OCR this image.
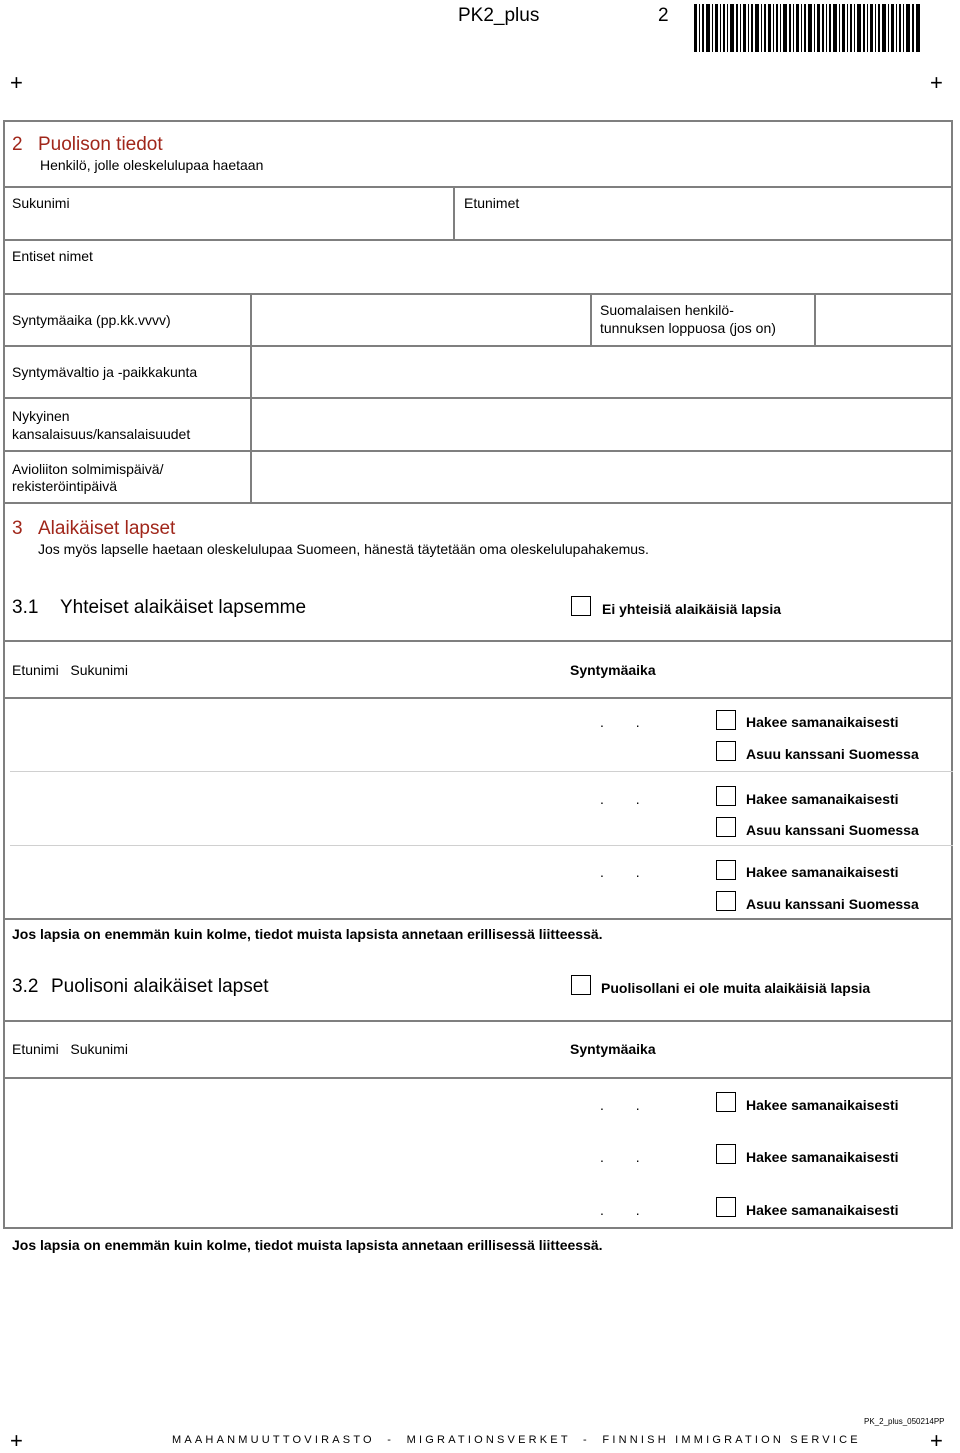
PK2_plus	2
+	+
+	+
2 Puolison tiedot
Henkilö, jolle oleskelulupaa haetaan
Sukunimi	Etunimet
Entiset nimet
Syntymäaika (pp.kk.vvvv)
Suomalaisen henkilö-
tunnuksen loppuosa (jos on)
Syntymävaltio ja -paikkakunta
Nykyinen
kansalaisuus/kansalaisuudet
Avioliiton solmimispäivä/
rekisteröintipäivä
3 Alaikäiset lapset
Jos myös lapselle haetaan oleskelulupaa Suomeen, hänestä täytetään oma oleskelulupahakemus.
3.1 Yhteiset alaikäiset lapsemme	Ei yhteisiä alaikäisiä lapsia
Etunimi   Sukunimi	Syntymäaika
. .	Hakee samanaikaisesti
Asuu kanssani Suomessa
. .	Hakee samanaikaisesti
Asuu kanssani Suomessa
. .	Hakee samanaikaisesti
Asuu kanssani Suomessa
Jos lapsia on enemmän kuin kolme, tiedot muista lapsista annetaan erillisessä liitteessä.
3.2 Puolisoni alaikäiset lapset	Puolisollani ei ole muita alaikäisiä lapsia
Etunimi   Sukunimi	Syntymäaika
. .	Hakee samanaikaisesti
. .	Hakee samanaikaisesti
. .	Hakee samanaikaisesti
Jos lapsia on enemmän kuin kolme, tiedot muista lapsista annetaan erillisessä liitteessä.
PK_2_plus_050214PP
MAAHANMUUTTOVIRASTO  -  MIGRATIONSVERKET  -  FINNISH IMMIGRATION SERVICE
